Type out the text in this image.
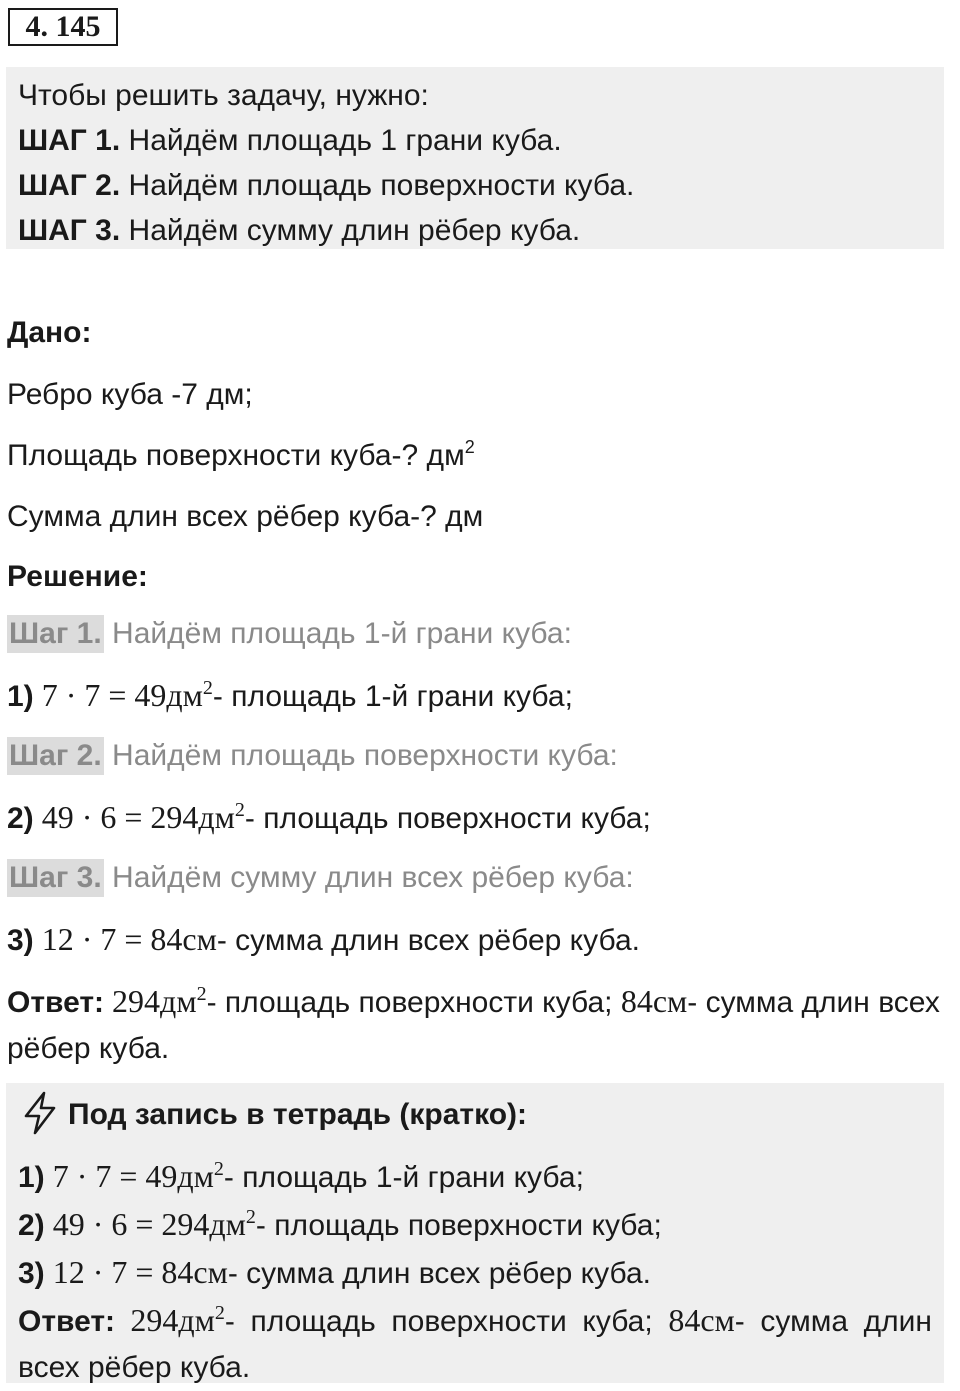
4. 145
Чтобы решить задачу, нужно:
ШАГ 1. Найдём площадь 1 грани куба.
ШАГ 2. Найдём площадь поверхности куба.
ШАГ 3. Найдём сумму длин рёбер куба.
Дано:
Ребро куба -7 дм;
Площадь поверхности куба-? $дм^2$
Сумма длин всех рёбер куба-? дм
Решение:
Шаг 1. Найдём площадь 1-й грани куба:
1) $7 \cdot 7 = 49дм^2-$ площадь 1-й грани куба;
Шаг 2. Найдём площадь поверхности куба:
2) $49 \cdot 6 = 294дм^2-$ площадь поверхности куба;
Шаг 3. Найдём сумму длин всех рёбер куба:
3) 12 · 7 = 84см- сумма длин всех рёбер куба.
Ответ: $294дм^2-$ площадь поверхности куба; 84см- сумма длин всех рёбер куба.
Под запись в тетрадь (кратко):
1) $7 \cdot 7 = 49дм^2-$ площадь 1-й грани куба;
2) $49 \cdot 6 = 294дм^2-$ площадь поверхности куба;
3) 12 · 7 = 84см- сумма длин всех рёбер куба.
Ответ: $294дм^2-$ площадь поверхности куба; 84см- сумма длин всех рёбер куба.
